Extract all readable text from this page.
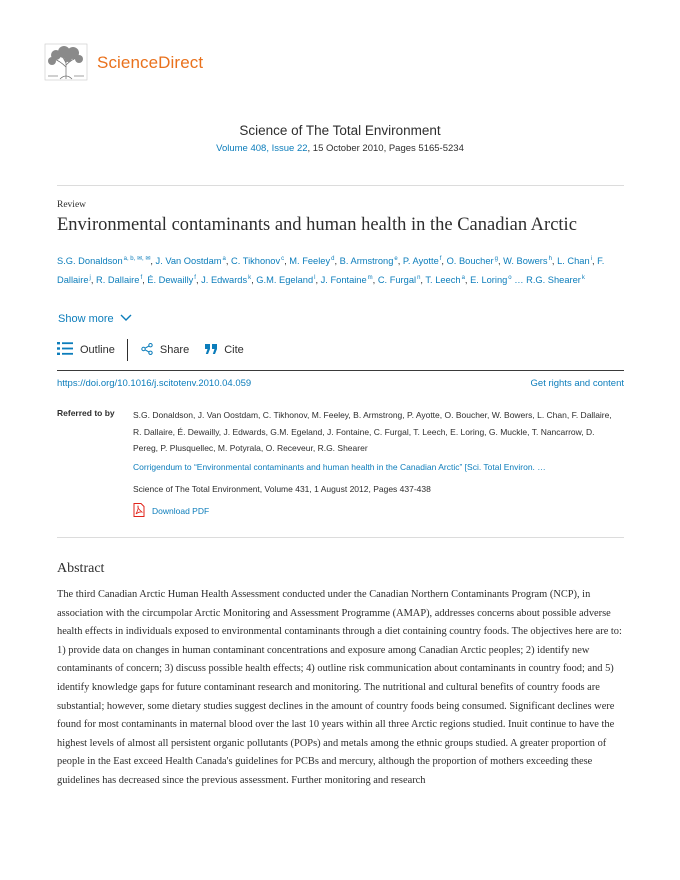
ScienceDirect
Science of The Total Environment
Volume 408, Issue 22, 15 October 2010, Pages 5165-5234
Review
Environmental contaminants and human health in the Canadian Arctic
S.G. Donaldson$^{a, b, ✉, ✉}$, J. Van Oostdam$^a$, C. Tikhonov$^c$, M. Feeley$^d$, B. Armstrong$^e$, P. Ayotte$^f$, O. Boucher$^g$, W. Bowers$^h$, L. Chan$^i$, F. Dallaire$^j$, R. Dallaire$^f$, É. Dewailly$^f$, J. Edwards$^k$, G.M. Egeland$^l$, J. Fontaine$^m$, C. Furgal$^n$, T. Leech$^a$, E. Loring$^o$ … R.G. Shearer$^k$
Show more
Outline	Share	Cite
https://doi.org/10.1016/j.scitotenv.2010.04.059	Get rights and content
Referred to by S.G. Donaldson, J. Van Oostdam, C. Tikhonov, M. Feeley, B. Armstrong, P. Ayotte, O. Boucher, W. Bowers, L. Chan, F. Dallaire, R. Dallaire, É. Dewailly, J. Edwards, G.M. Egeland, J. Fontaine, C. Furgal, T. Leech, E. Loring, G. Muckle, T. Nancarrow, D. Pereg, P. Plusquellec, M. Potyrala, O. Receveur, R.G. Shearer
Corrigendum to “Environmental contaminants and human health in the Canadian Arctic” [Sci. Total Environ. …
Science of The Total Environment, Volume 431, 1 August 2012, Pages 437-438
Download PDF
Abstract
The third Canadian Arctic Human Health Assessment conducted under the Canadian Northern Contaminants Program (NCP), in association with the circumpolar Arctic Monitoring and Assessment Programme (AMAP), addresses concerns about possible adverse health effects in individuals exposed to environmental contaminants through a diet containing country foods. The objectives here are to: 1) provide data on changes in human contaminant concentrations and exposure among Canadian Arctic peoples; 2) identify new contaminants of concern; 3) discuss possible health effects; 4) outline risk communication about contaminants in country food; and 5) identify knowledge gaps for future contaminant research and monitoring. The nutritional and cultural benefits of country foods are substantial; however, some dietary studies suggest declines in the amount of country foods being consumed. Significant declines were found for most contaminants in maternal blood over the last 10 years within all three Arctic regions studied. Inuit continue to have the highest levels of almost all persistent organic pollutants (POPs) and metals among the ethnic groups studied. A greater proportion of people in the East exceed Health Canada's guidelines for PCBs and mercury, although the proportion of mothers exceeding these guidelines has decreased since the previous assessment. Further monitoring and research
